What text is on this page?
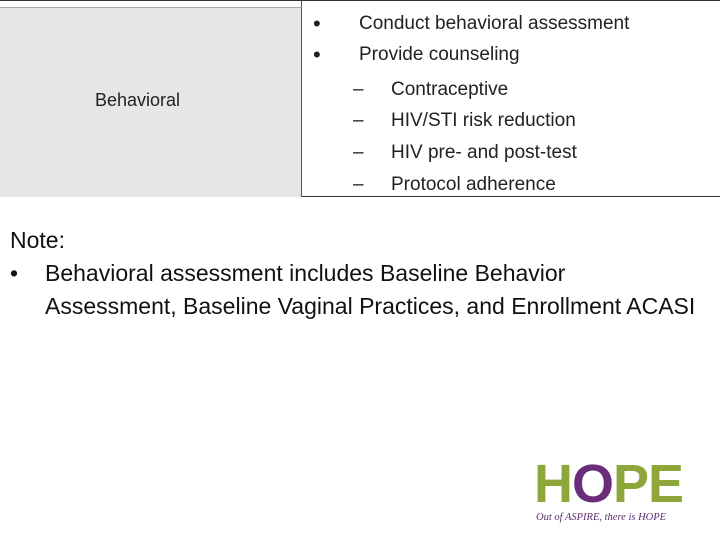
Behavioral
• Conduct behavioral assessment
• Provide counseling
– Contraceptive
– HIV/STI risk reduction
– HIV pre- and post-test
– Protocol adherence
Note:
• Behavioral assessment includes Baseline Behavior Assessment, Baseline Vaginal Practices, and Enrollment ACASI
HOPE
Out of ASPIRE, there is HOPE
